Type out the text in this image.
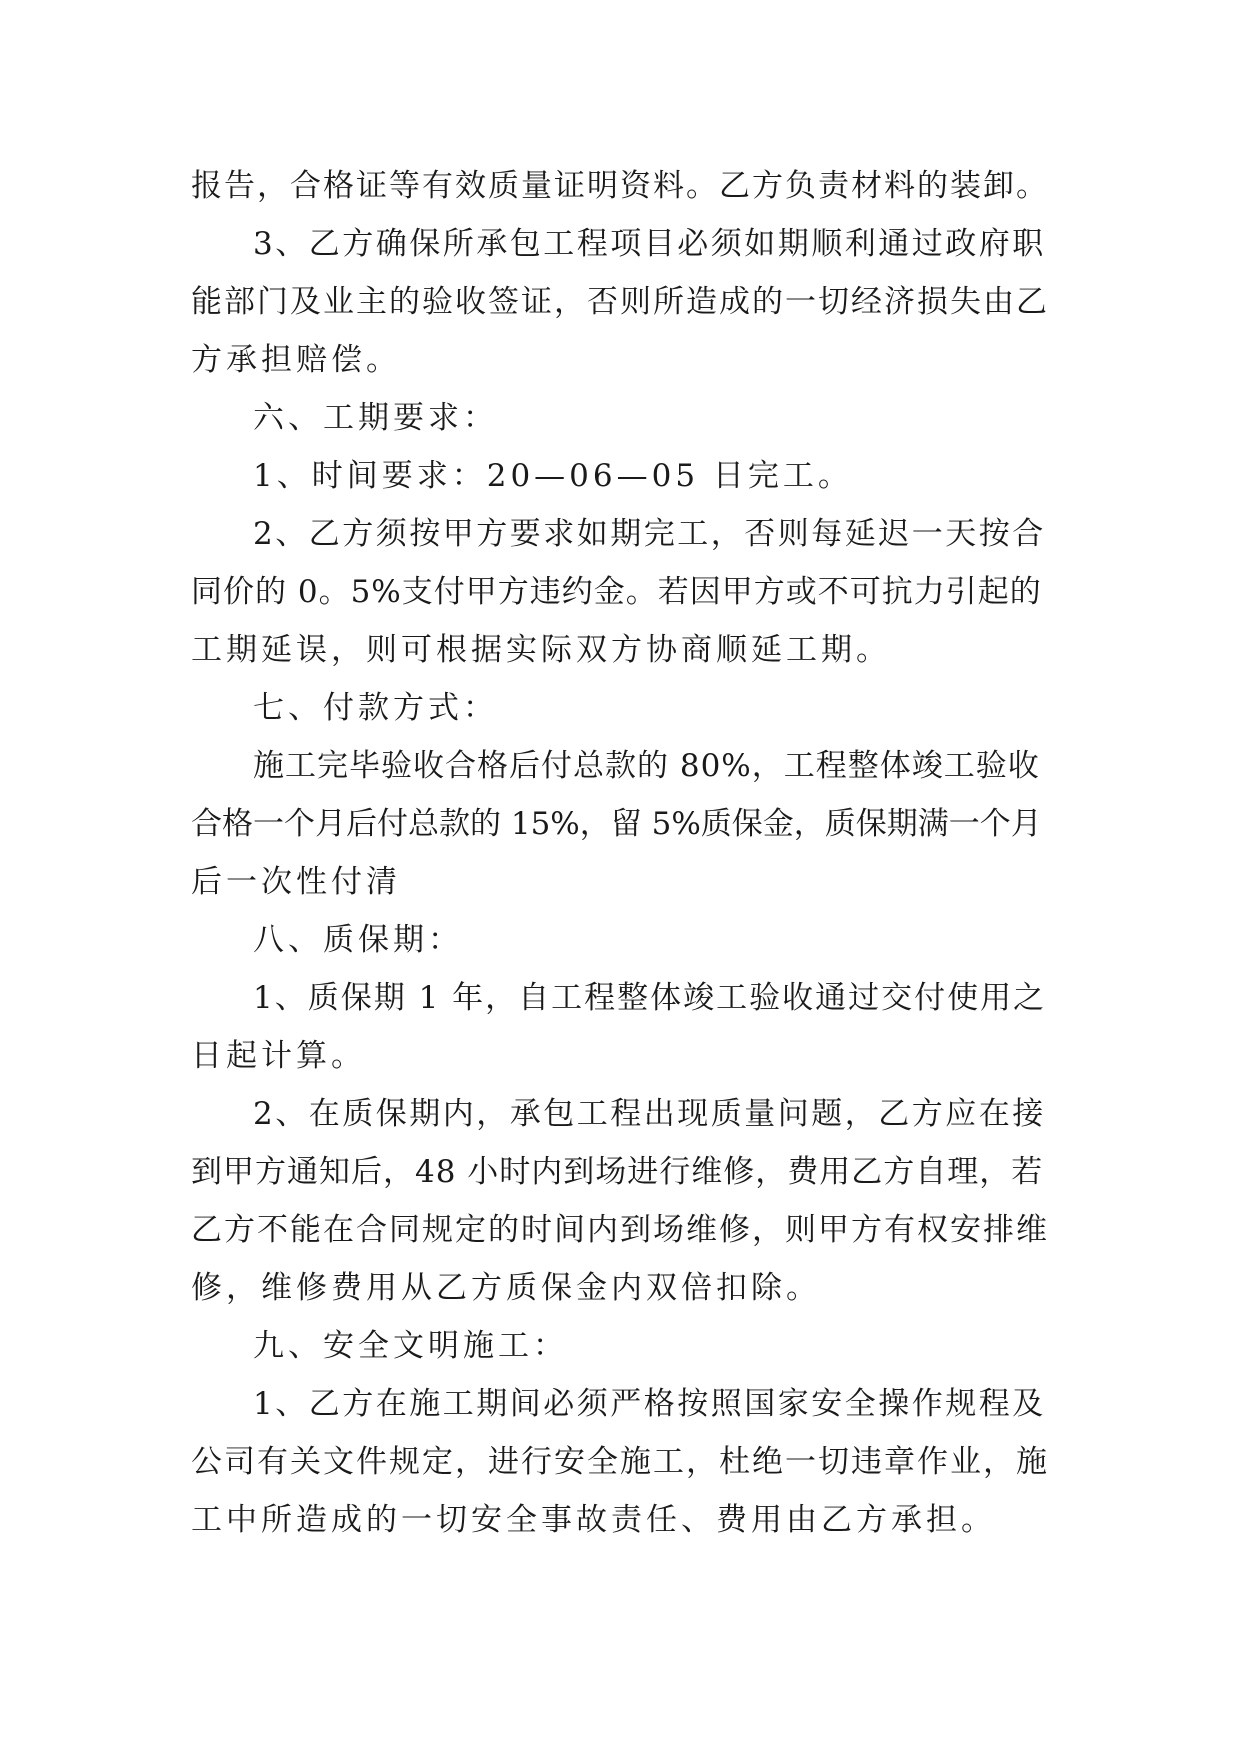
报告，合格证等有效质量证明资料。乙方负责材料的装卸。
3、乙方确保所承包工程项目必须如期顺利通过政府职
能部门及业主的验收签证，否则所造成的一切经济损失由乙
方承担赔偿。
六、工期要求：
1、时间要求：20—06—05 日完工。
2、乙方须按甲方要求如期完工，否则每延迟一天按合
同价的 0。5%支付甲方违约金。若因甲方或不可抗力引起的
工期延误，则可根据实际双方协商顺延工期。
七、付款方式：
施工完毕验收合格后付总款的 80%，工程整体竣工验收
合格一个月后付总款的 15%，留 5%质保金，质保期满一个月
后一次性付清
八、质保期：
1、质保期 1 年，自工程整体竣工验收通过交付使用之
日起计算。
2、在质保期内，承包工程出现质量问题，乙方应在接
到甲方通知后，48 小时内到场进行维修，费用乙方自理，若
乙方不能在合同规定的时间内到场维修，则甲方有权安排维
修，维修费用从乙方质保金内双倍扣除。
九、安全文明施工：
1、乙方在施工期间必须严格按照国家安全操作规程及
公司有关文件规定，进行安全施工，杜绝一切违章作业，施
工中所造成的一切安全事故责任、费用由乙方承担。
